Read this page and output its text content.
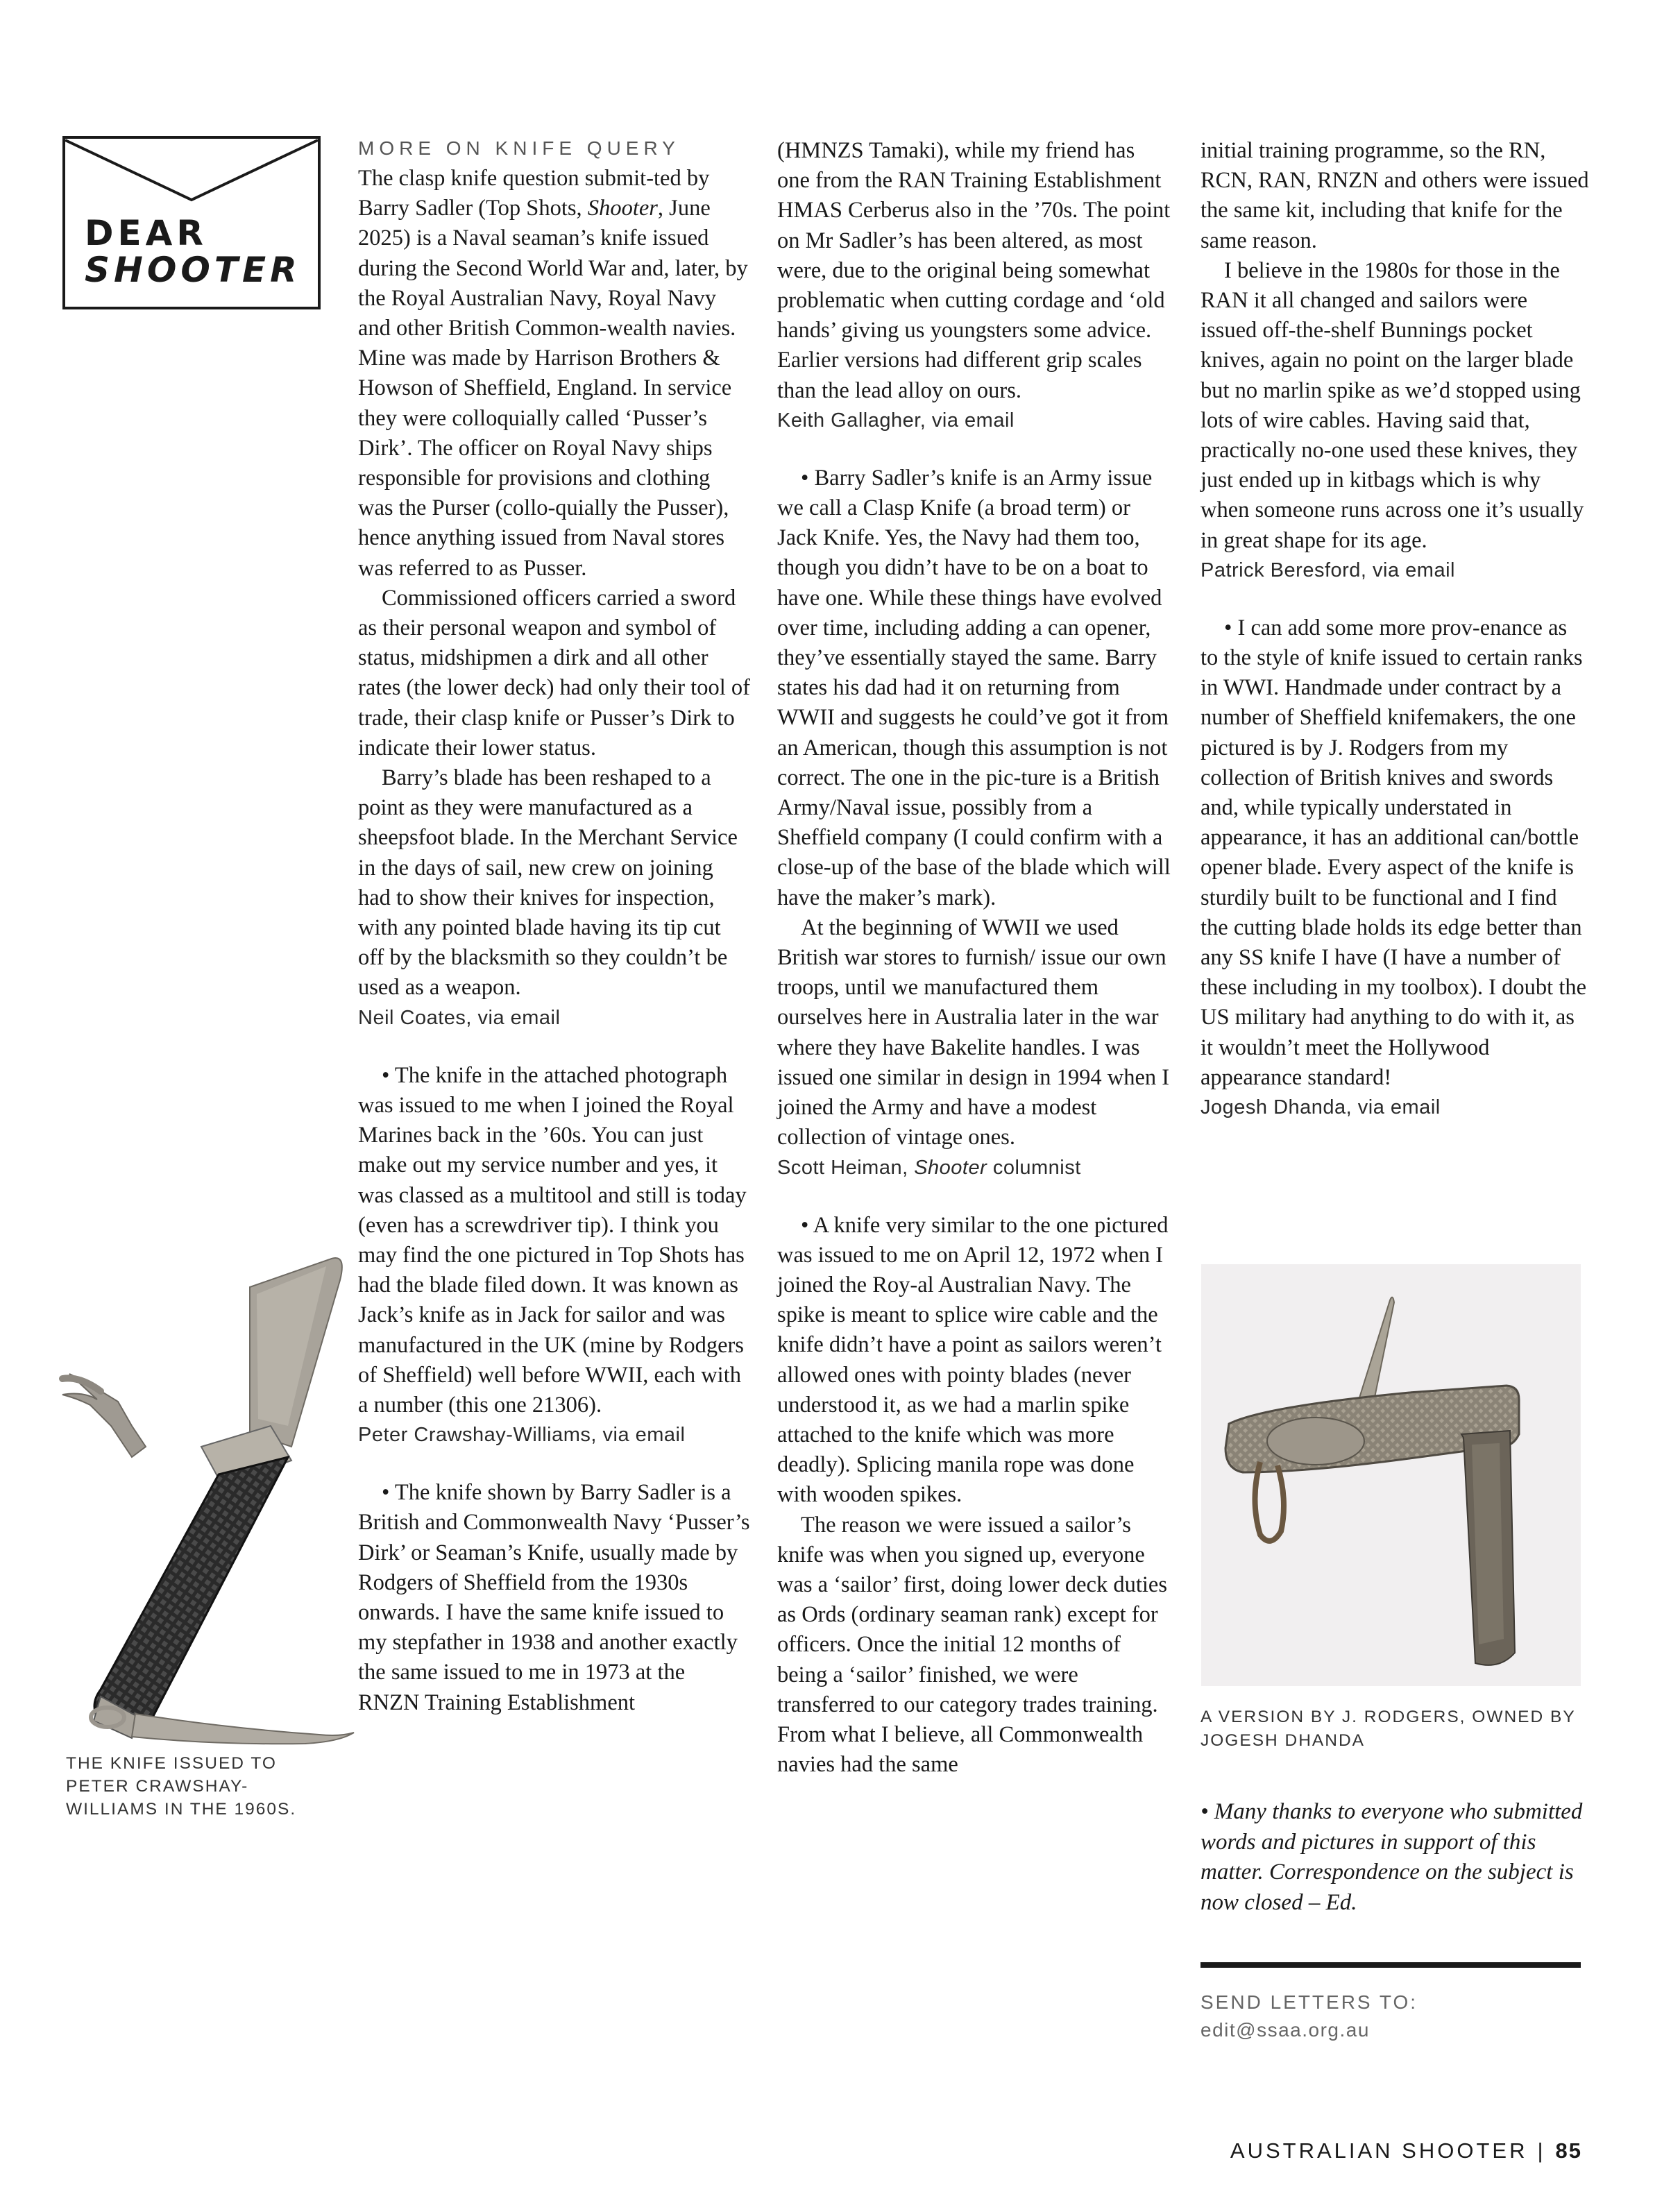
DEAR
SHOOTER
MORE ON KNIFE QUERY

The clasp knife question submit-ted by Barry Sadler (Top Shots, Shooter, June 2025) is a Naval seaman’s knife issued during the Second World War and, later, by the Royal Australian Navy, Royal Navy and other British Common-wealth navies. Mine was made by Harrison Brothers & Howson of Sheffield, England. In service they were colloquially called ‘Pusser’s Dirk’. The officer on Royal Navy ships responsible for provisions and clothing was the Purser (collo-quially the Pusser), hence anything issued from Naval stores was referred to as Pusser.

Commissioned officers carried a sword as their personal weapon and symbol of status, midshipmen a dirk and all other rates (the lower deck) had only their tool of trade, their clasp knife or Pusser’s Dirk to indicate their lower status.

Barry’s blade has been reshaped to a point as they were manufactured as a sheepsfoot blade. In the Merchant Service in the days of sail, new crew on joining had to show their knives for inspection, with any pointed blade having its tip cut off by the blacksmith so they couldn’t be used as a weapon.

Neil Coates, via email

• The knife in the attached photograph was issued to me when I joined the Royal Marines back in the ’60s. You can just make out my service number and yes, it was classed as a multitool and still is today (even has a screwdriver tip). I think you may find the one pictured in Top Shots has had the blade filed down. It was known as Jack’s knife as in Jack for sailor and was manufactured in the UK (mine by Rodgers of Sheffield) well before WWII, each with a number (this one 21306).

Peter Crawshay-Williams, via email

• The knife shown by Barry Sadler is a British and Commonwealth Navy ‘Pusser’s Dirk’ or Seaman’s Knife, usually made by Rodgers of Sheffield from the 1930s onwards. I have the same knife issued to my stepfather in 1938 and another exactly the same issued to me in 1973 at the RNZN Training Establishment

(HMNZS Tamaki), while my friend has one from the RAN Training Establishment HMAS Cerberus also in the ’70s. The point on Mr Sadler’s has been altered, as most were, due to the original being somewhat problematic when cutting cordage and ‘old hands’ giving us youngsters some advice. Earlier versions had different grip scales than the lead alloy on ours.

Keith Gallagher, via email

• Barry Sadler’s knife is an Army issue we call a Clasp Knife (a broad term) or Jack Knife. Yes, the Navy had them too, though you didn’t have to be on a boat to have one. While these things have evolved over time, including adding a can opener, they’ve essentially stayed the same. Barry states his dad had it on returning from WWII and suggests he could’ve got it from an American, though this assumption is not correct. The one in the pic-ture is a British Army/Naval issue, possibly from a Sheffield company (I could confirm with a close-up of the base of the blade which will have the maker’s mark).

At the beginning of WWII we used British war stores to furnish/ issue our own troops, until we manufactured them ourselves here in Australia later in the war where they have Bakelite handles. I was issued one similar in design in 1994 when I joined the Army and have a modest collection of vintage ones.

Scott Heiman, Shooter columnist

• A knife very similar to the one pictured was issued to me on April 12, 1972 when I joined the Roy-al Australian Navy. The spike is meant to splice wire cable and the knife didn’t have a point as sailors weren’t allowed ones with pointy blades (never understood it, as we had a marlin spike attached to the knife which was more deadly). Splicing manila rope was done with wooden spikes.

The reason we were issued a sailor’s knife was when you signed up, everyone was a ‘sailor’ first, doing lower deck duties as Ords (ordinary seaman rank) except for officers. Once the initial 12 months of being a ‘sailor’ finished, we were transferred to our category trades training. From what I believe, all Commonwealth navies had the same

initial training programme, so the RN, RCN, RAN, RNZN and others were issued the same kit, including that knife for the same reason.

I believe in the 1980s for those in the RAN it all changed and sailors were issued off-the-shelf Bunnings pocket knives, again no point on the larger blade but no marlin spike as we’d stopped using lots of wire cables. Having said that, practically no-one used these knives, they just ended up in kitbags which is why when someone runs across one it’s usually in great shape for its age.

Patrick Beresford, via email

• I can add some more prov-enance as to the style of knife issued to certain ranks in WWI. Handmade under contract by a number of Sheffield knifemakers, the one pictured is by J. Rodgers from my collection of British knives and swords and, while typically understated in appearance, it has an additional can/bottle opener blade. Every aspect of the knife is sturdily built to be functional and I find the cutting blade holds its edge better than any SS knife I have (I have a number of these including in my toolbox). I doubt the US military had anything to do with it, as it wouldn’t meet the Hollywood appearance standard!

Jogesh Dhanda, via email
THE KNIFE ISSUED TO PETER CRAWSHAY-WILLIAMS IN THE 1960S.
A VERSION BY J. RODGERS, OWNED BY JOGESH DHANDA
• Many thanks to everyone who submitted words and pictures in support of this matter. Correspondence on the subject is now closed – Ed.
SEND LETTERS TO:
edit@ssaa.org.au
AUSTRALIAN SHOOTER | 85
